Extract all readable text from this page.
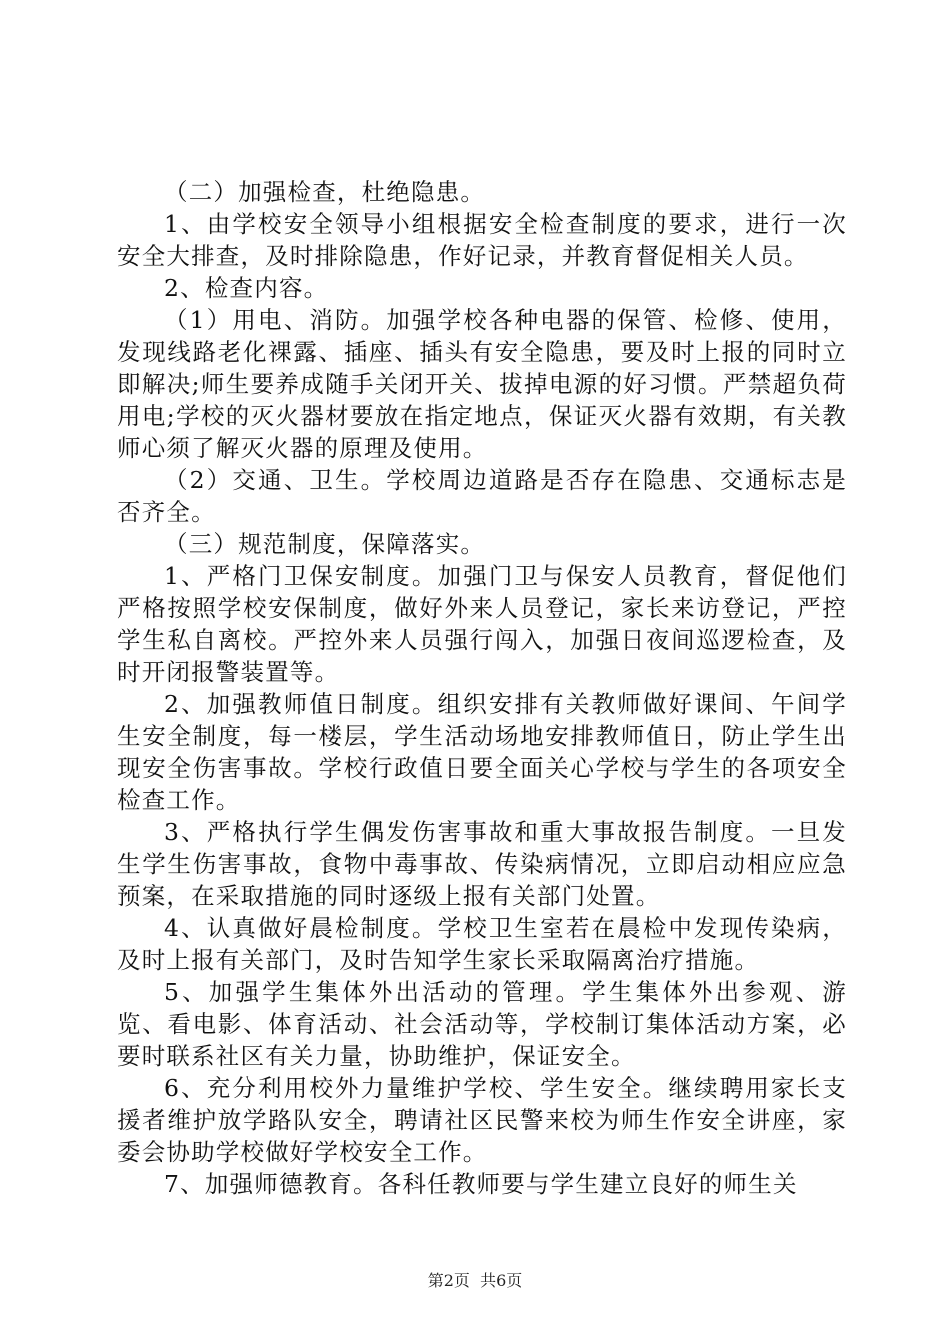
（二）加强检查，杜绝隐患。

1、由学校安全领导小组根据安全检查制度的要求，进行一次安全大排查，及时排除隐患，作好记录，并教育督促相关人员。

2、检查内容。

（1）用电、消防。加强学校各种电器的保管、检修、使用，发现线路老化裸露、插座、插头有安全隐患，要及时上报的同时立即解决;师生要养成随手关闭开关、拔掉电源的好习惯。严禁超负荷用电;学校的灭火器材要放在指定地点，保证灭火器有效期，有关教师心须了解灭火器的原理及使用。

（2）交通、卫生。学校周边道路是否存在隐患、交通标志是否齐全。

（三）规范制度，保障落实。

1、严格门卫保安制度。加强门卫与保安人员教育，督促他们严格按照学校安保制度，做好外来人员登记，家长来访登记，严控学生私自离校。严控外来人员强行闯入，加强日夜间巡逻检查，及时开闭报警装置等。

2、加强教师值日制度。组织安排有关教师做好课间、午间学生安全制度，每一楼层，学生活动场地安排教师值日，防止学生出现安全伤害事故。学校行政值日要全面关心学校与学生的各项安全检查工作。

3、严格执行学生偶发伤害事故和重大事故报告制度。一旦发生学生伤害事故，食物中毒事故、传染病情况，立即启动相应应急预案，在采取措施的同时逐级上报有关部门处置。

4、认真做好晨检制度。学校卫生室若在晨检中发现传染病，及时上报有关部门，及时告知学生家长采取隔离治疗措施。

5、加强学生集体外出活动的管理。学生集体外出参观、游览、看电影、体育活动、社会活动等，学校制订集体活动方案，必要时联系社区有关力量，协助维护，保证安全。

6、充分利用校外力量维护学校、学生安全。继续聘用家长支援者维护放学路队安全，聘请社区民警来校为师生作安全讲座，家委会协助学校做好学校安全工作。

7、加强师德教育。各科任教师要与学生建立良好的师生关

第2页  共6页
